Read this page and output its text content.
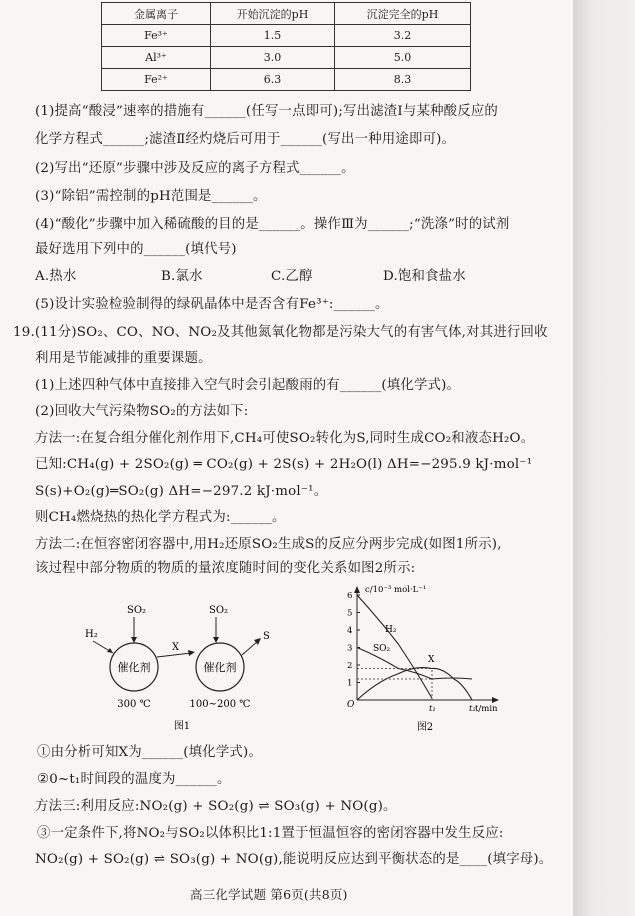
金属离子	开始沉淀的pH	沉淀完全的pH
Fe³⁺	1.5	3.2
Al³⁺	3.0	5.0
Fe²⁺	6.3	8.3
(1)提高“酸浸”速率的措施有______(任写一点即可);写出滤渣Ⅰ与某种酸反应的
化学方程式______;滤渣Ⅱ经灼烧后可用于______(写出一种用途即可)。
(2)写出“还原”步骤中涉及反应的离子方程式______。
(3)“除铝”需控制的pH范围是______。
(4)“酸化”步骤中加入稀硫酸的目的是______。操作Ⅲ为______;“洗涤”时的试剂
最好选用下列中的______(填代号)
A.热水	B.氯水	C.乙醇	D.饱和食盐水
(5)设计实验检验制得的绿矾晶体中是否含有Fe³⁺:______。
19.(11分)SO₂、CO、NO、NO₂及其他氮氧化物都是污染大气的有害气体,对其进行回收
利用是节能减排的重要课题。
(1)上述四种气体中直接排入空气时会引起酸雨的有______(填化学式)。
(2)回收大气污染物SO₂的方法如下:
方法一:在复合组分催化剂作用下,CH₄可使SO₂转化为S,同时生成CO₂和液态H₂O。
已知:CH₄(g) + 2SO₂(g) ═ CO₂(g) + 2S(s) + 2H₂O(l) ΔH=−295.9 kJ·mol⁻¹
S(s)+O₂(g)═SO₂(g) ΔH=−297.2 kJ·mol⁻¹。
则CH₄燃烧热的热化学方程式为:______。
方法二:在恒容密闭容器中,用H₂还原SO₂生成S的反应分两步完成(如图1所示),
该过程中部分物质的物质的量浓度随时间的变化关系如图2所示:
H₂
SO₂
催化剂
X
SO₂
催化剂
S
300 ℃	100~200 ℃
图1
c/10⁻³ mol·L⁻¹
t/min
O
1
2
3
4
5
6
t₁	t₂
H₂
SO₂
X
图2
①由分析可知X为______(填化学式)。
②0~t₁时间段的温度为______。
方法三:利用反应:NO₂(g) + SO₂(g) ⇌ SO₃(g) + NO(g)。
③一定条件下,将NO₂与SO₂以体积比1:1置于恒温恒容的密闭容器中发生反应:
NO₂(g) + SO₂(g) ⇌ SO₃(g) + NO(g),能说明反应达到平衡状态的是____(填字母)。
高三化学试题 第6页(共8页)
